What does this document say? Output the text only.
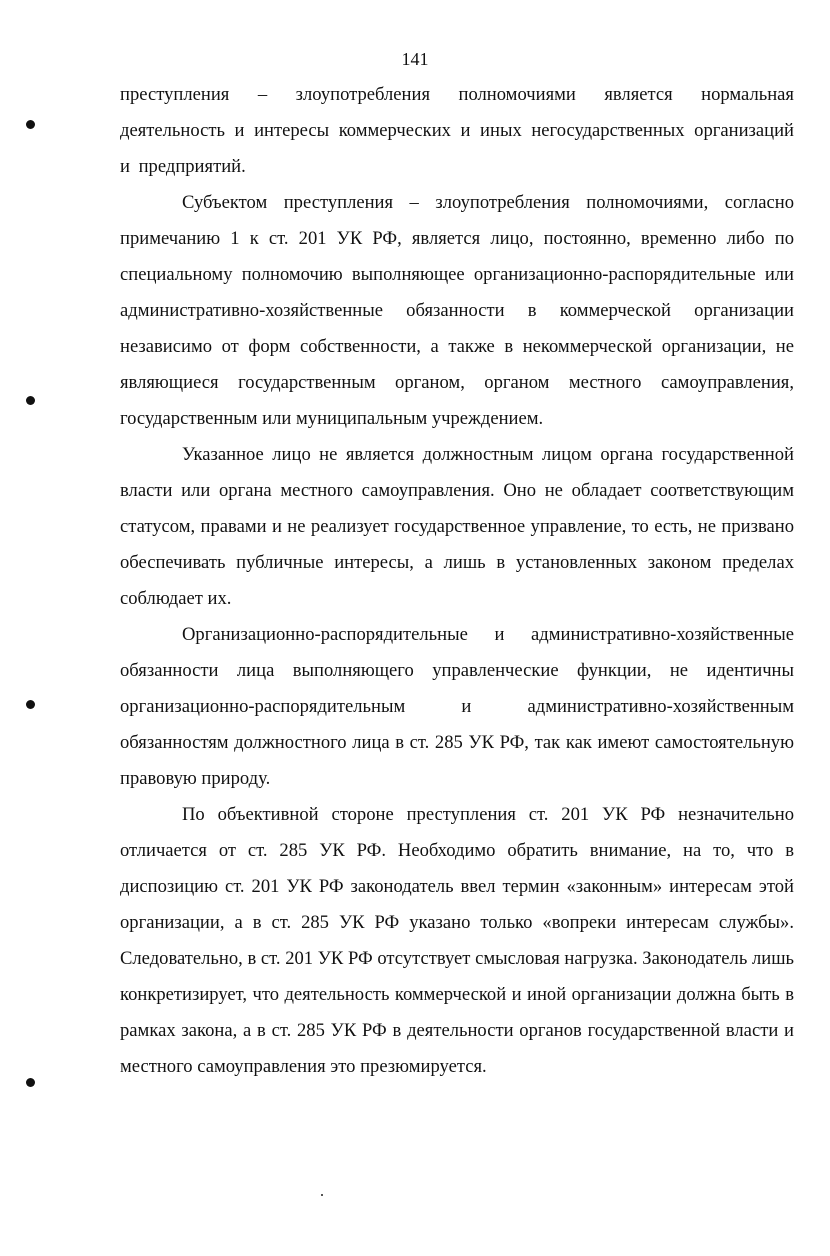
141

преступления – злоупотребления полномочиями является нормальная деятельность и интересы коммерческих и иных негосударственных организаций и предприятий.

Субъектом преступления – злоупотребления полномочиями, согласно примечанию 1 к ст. 201 УК РФ, является лицо, постоянно, временно либо по специальному полномочию выполняющее организационно-распорядительные или административно-хозяйственные обязанности в коммерческой организации независимо от форм собственности, а также в некоммерческой организации, не являющиеся государственным органом, органом местного самоуправления, государственным или муниципальным учреждением.

Указанное лицо не является должностным лицом органа государственной власти или органа местного самоуправления. Оно не обладает соответствующим статусом, правами и не реализует государственное управление, то есть, не призвано обеспечивать публичные интересы, а лишь в установленных законом пределах соблюдает их.

Организационно-распорядительные и административно-хозяйственные обязанности лица выполняющего управленческие функции, не идентичны организационно-распорядительным и административно-хозяйственным обязанностям должностного лица в ст. 285 УК РФ, так как имеют самостоятельную правовую природу.

По объективной стороне преступления ст. 201 УК РФ незначительно отличается от ст. 285 УК РФ. Необходимо обратить внимание, на то, что в диспозицию ст. 201 УК РФ законодатель ввел термин «законным» интересам этой организации, а в ст. 285 УК РФ указано только «вопреки интересам службы». Следовательно, в ст. 201 УК РФ отсутствует смысловая нагрузка. Законодатель лишь конкретизирует, что деятельность коммерческой и иной организации должна быть в рамках закона, а в ст. 285 УК РФ в деятельности органов государственной власти и местного самоуправления это презюмируется.
